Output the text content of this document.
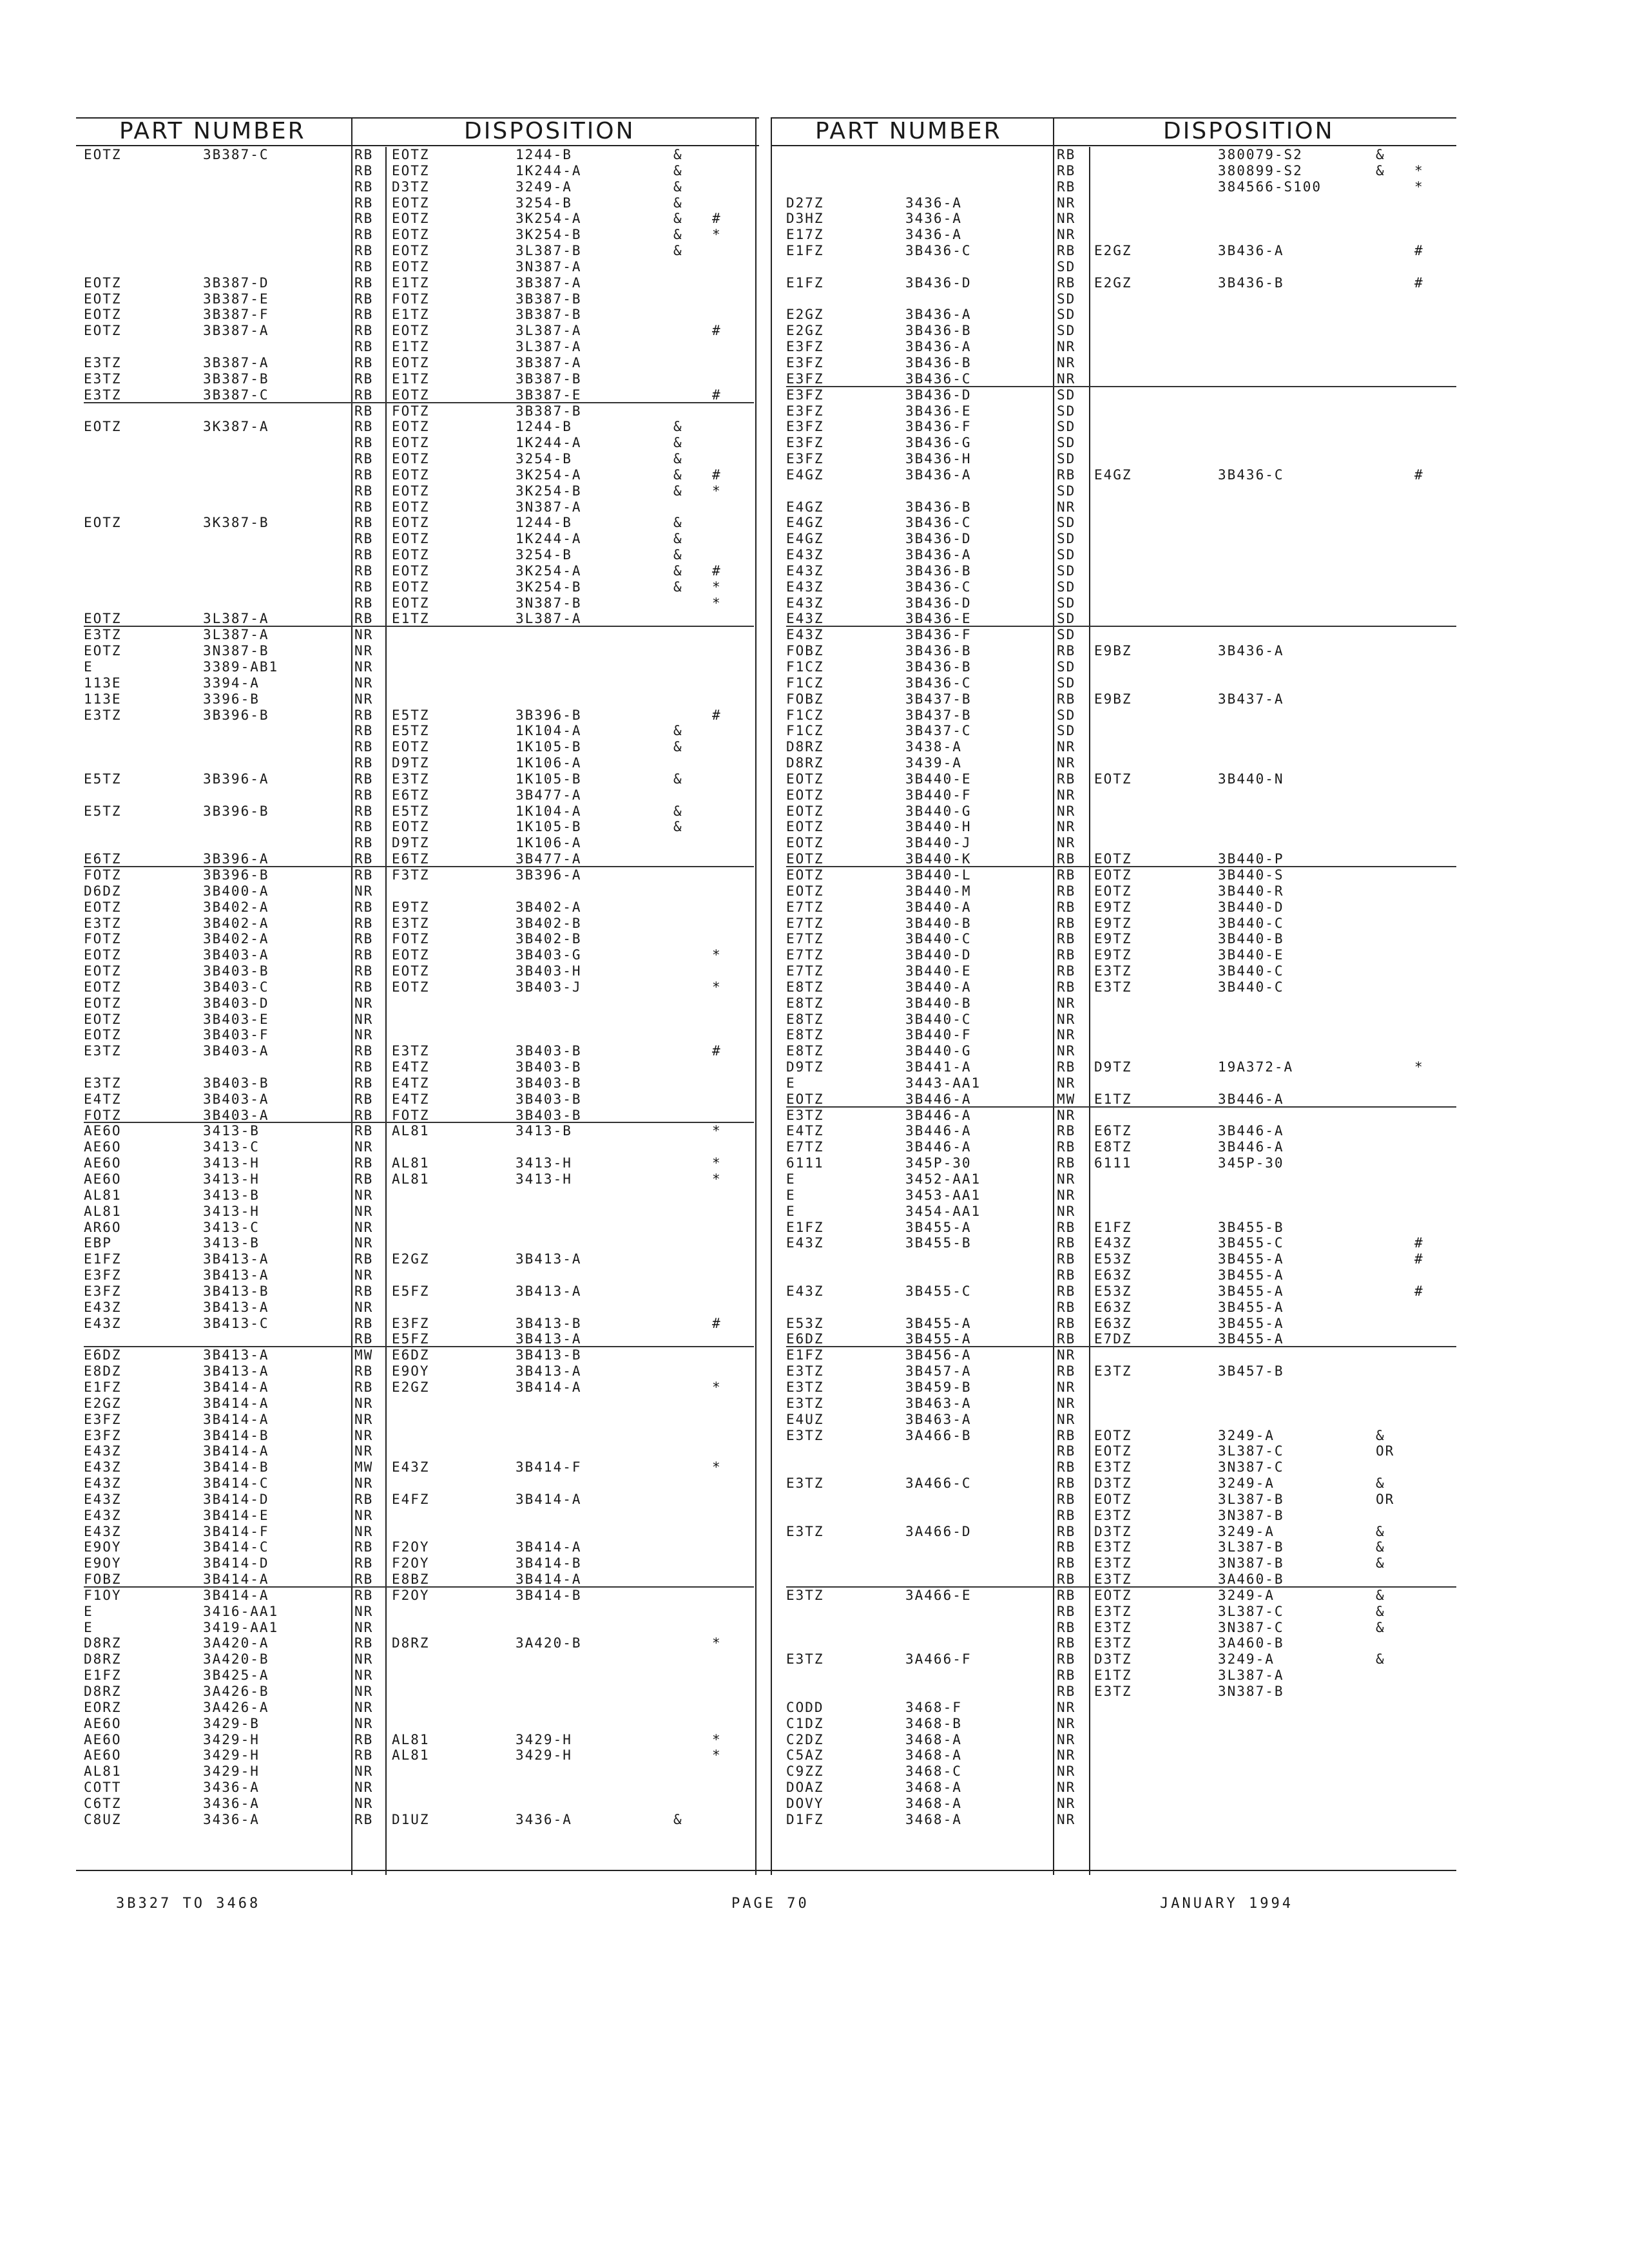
PART NUMBER	DISPOSITION	PART NUMBER	DISPOSITION
EOTZ	3B387-C	RB EOTZ	1244-B	&
RB EOTZ	1K244-A	&
RB D3TZ	3249-A	&
RB EOTZ	3254-B	&
RB EOTZ	3K254-A	& #
RB EOTZ	3K254-B	& *
RB EOTZ	3L387-B	&
RB EOTZ	3N387-A
EOTZ	3B387-D	RB E1TZ	3B387-A
EOTZ	3B387-E	RB FOTZ	3B387-B
EOTZ	3B387-F	RB E1TZ	3B387-B
EOTZ	3B387-A	RB EOTZ	3L387-A	#
RB E1TZ	3L387-A
E3TZ	3B387-A	RB EOTZ	3B387-A
E3TZ	3B387-B	RB E1TZ	3B387-B
E3TZ	3B387-C	RB EOTZ	3B387-E	#
RB FOTZ	3B387-B
EOTZ	3K387-A	RB EOTZ	1244-B	&
RB EOTZ	1K244-A	&
RB EOTZ	3254-B	&
RB EOTZ	3K254-A	& #
RB EOTZ	3K254-B	& *
RB EOTZ	3N387-A
EOTZ	3K387-B	RB EOTZ	1244-B	&
RB EOTZ	1K244-A	&
RB EOTZ	3254-B	&
RB EOTZ	3K254-A	& #
RB EOTZ	3K254-B	& *
RB EOTZ	3N387-B	*
EOTZ	3L387-A	RB E1TZ	3L387-A
E3TZ	3L387-A	NR
EOTZ	3N387-B	NR
E	3389-AB1	NR
113E	3394-A	NR
113E	3396-B	NR
E3TZ	3B396-B	RB E5TZ	3B396-B	#
RB E5TZ	1K104-A	&
RB EOTZ	1K105-B	&
RB D9TZ	1K106-A
E5TZ	3B396-A	RB E3TZ	1K105-B	&
RB E6TZ	3B477-A
E5TZ	3B396-B	RB E5TZ	1K104-A	&
RB EOTZ	1K105-B	&
RB D9TZ	1K106-A
E6TZ	3B396-A	RB E6TZ	3B477-A
FOTZ	3B396-B	RB F3TZ	3B396-A
D6DZ	3B400-A	NR
EOTZ	3B402-A	RB E9TZ	3B402-A
E3TZ	3B402-A	RB E3TZ	3B402-B
FOTZ	3B402-A	RB FOTZ	3B402-B
EOTZ	3B403-A	RB EOTZ	3B403-G	*
EOTZ	3B403-B	RB EOTZ	3B403-H
EOTZ	3B403-C	RB EOTZ	3B403-J	*
EOTZ	3B403-D	NR
EOTZ	3B403-E	NR
EOTZ	3B403-F	NR
E3TZ	3B403-A	RB E3TZ	3B403-B	#
RB E4TZ	3B403-B
E3TZ	3B403-B	RB E4TZ	3B403-B
E4TZ	3B403-A	RB E4TZ	3B403-B
FOTZ	3B403-A	RB FOTZ	3B403-B
AE6O	3413-B	RB AL81	3413-B	*
AE6O	3413-C	NR
AE6O	3413-H	RB AL81	3413-H	*
AE6O	3413-H	RB AL81	3413-H	*
AL81	3413-B	NR
AL81	3413-H	NR
AR6O	3413-C	NR
EBP	3413-B	NR
E1FZ	3B413-A	RB E2GZ	3B413-A
E3FZ	3B413-A	NR
E3FZ	3B413-B	RB E5FZ	3B413-A
E43Z	3B413-A	NR
E43Z	3B413-C	RB E3FZ	3B413-B	#
RB E5FZ	3B413-A
E6DZ	3B413-A	MW E6DZ	3B413-B
E8DZ	3B413-A	RB E9OY	3B413-A
E1FZ	3B414-A	RB E2GZ	3B414-A	*
E2GZ	3B414-A	NR
E3FZ	3B414-A	NR
E3FZ	3B414-B	NR
E43Z	3B414-A	NR
E43Z	3B414-B	MW E43Z	3B414-F	*
E43Z	3B414-C	NR
E43Z	3B414-D	RB E4FZ	3B414-A
E43Z	3B414-E	NR
E43Z	3B414-F	NR
E9OY	3B414-C	RB F2OY	3B414-A
E9OY	3B414-D	RB F2OY	3B414-B
FOBZ	3B414-A	RB E8BZ	3B414-A
F1OY	3B414-A	RB F2OY	3B414-B
E	3416-AA1	NR
E	3419-AA1	NR
D8RZ	3A420-A	RB D8RZ	3A420-B	*
D8RZ	3A420-B	NR
E1FZ	3B425-A	NR
D8RZ	3A426-B	NR
EORZ	3A426-A	NR
AE6O	3429-B	NR
AE6O	3429-H	RB AL81	3429-H	*
AE6O	3429-H	RB AL81	3429-H	*
AL81	3429-H	NR
COTT	3436-A	NR
C6TZ	3436-A	NR
C8UZ	3436-A	RB D1UZ	3436-A	&
RB	380079-S2	&
RB	380899-S2	& *
RB	384566-S100	*
D27Z	3436-A	NR
D3HZ	3436-A	NR
E17Z	3436-A	NR
E1FZ	3B436-C	RB E2GZ	3B436-A	#
SD
E1FZ	3B436-D	RB E2GZ	3B436-B	#
SD
E2GZ	3B436-A	SD
E2GZ	3B436-B	SD
E3FZ	3B436-A	NR
E3FZ	3B436-B	NR
E3FZ	3B436-C	NR
E3FZ	3B436-D	SD
E3FZ	3B436-E	SD
E3FZ	3B436-F	SD
E3FZ	3B436-G	SD
E3FZ	3B436-H	SD
E4GZ	3B436-A	RB E4GZ	3B436-C	#
SD
E4GZ	3B436-B	NR
E4GZ	3B436-C	SD
E4GZ	3B436-D	SD
E43Z	3B436-A	SD
E43Z	3B436-B	SD
E43Z	3B436-C	SD
E43Z	3B436-D	SD
E43Z	3B436-E	SD
E43Z	3B436-F	SD
FOBZ	3B436-B	RB E9BZ	3B436-A
F1CZ	3B436-B	SD
F1CZ	3B436-C	SD
FOBZ	3B437-B	RB E9BZ	3B437-A
F1CZ	3B437-B	SD
F1CZ	3B437-C	SD
D8RZ	3438-A	NR
D8RZ	3439-A	NR
EOTZ	3B440-E	RB EOTZ	3B440-N
EOTZ	3B440-F	NR
EOTZ	3B440-G	NR
EOTZ	3B440-H	NR
EOTZ	3B440-J	NR
EOTZ	3B440-K	RB EOTZ	3B440-P
EOTZ	3B440-L	RB EOTZ	3B440-S
EOTZ	3B440-M	RB EOTZ	3B440-R
E7TZ	3B440-A	RB E9TZ	3B440-D
E7TZ	3B440-B	RB E9TZ	3B440-C
E7TZ	3B440-C	RB E9TZ	3B440-B
E7TZ	3B440-D	RB E9TZ	3B440-E
E7TZ	3B440-E	RB E3TZ	3B440-C
E8TZ	3B440-A	RB E3TZ	3B440-C
E8TZ	3B440-B	NR
E8TZ	3B440-C	NR
E8TZ	3B440-F	NR
E8TZ	3B440-G	NR
D9TZ	3B441-A	RB D9TZ	19A372-A	*
E	3443-AA1	NR
EOTZ	3B446-A	MW E1TZ	3B446-A
E3TZ	3B446-A	NR
E4TZ	3B446-A	RB E6TZ	3B446-A
E7TZ	3B446-A	RB E8TZ	3B446-A
6111	345P-30	RB 6111	345P-30
E	3452-AA1	NR
E	3453-AA1	NR
E	3454-AA1	NR
E1FZ	3B455-A	RB E1FZ	3B455-B
E43Z	3B455-B	RB E43Z	3B455-C	#
RB E53Z	3B455-A	#
RB E63Z	3B455-A
E43Z	3B455-C	RB E53Z	3B455-A	#
RB E63Z	3B455-A
E53Z	3B455-A	RB E63Z	3B455-A
E6DZ	3B455-A	RB E7DZ	3B455-A
E1FZ	3B456-A	NR
E3TZ	3B457-A	RB E3TZ	3B457-B
E3TZ	3B459-B	NR
E3TZ	3B463-A	NR
E4UZ	3B463-A	NR
E3TZ	3A466-B	RB EOTZ	3249-A	&
RB EOTZ	3L387-C	OR
RB E3TZ	3N387-C
E3TZ	3A466-C	RB D3TZ	3249-A	&
RB EOTZ	3L387-B	OR
RB E3TZ	3N387-B
E3TZ	3A466-D	RB D3TZ	3249-A	&
RB E3TZ	3L387-B	&
RB E3TZ	3N387-B	&
RB E3TZ	3A460-B
E3TZ	3A466-E	RB EOTZ	3249-A	&
RB E3TZ	3L387-C	&
RB E3TZ	3N387-C	&
RB E3TZ	3A460-B
E3TZ	3A466-F	RB D3TZ	3249-A	&
RB E1TZ	3L387-A
RB E3TZ	3N387-B
CODD	3468-F	NR
C1DZ	3468-B	NR
C2DZ	3468-A	NR
C5AZ	3468-A	NR
C9ZZ	3468-C	NR
DOAZ	3468-A	NR
DOVY	3468-A	NR
D1FZ	3468-A	NR
3B327 TO 3468	PAGE 70	JANUARY 1994
